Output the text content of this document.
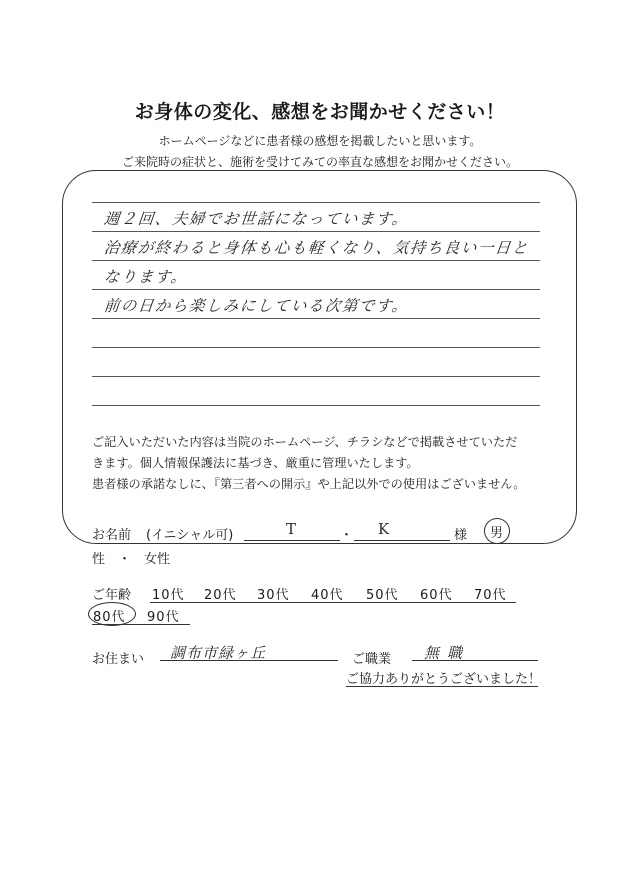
お身体の変化、感想をお聞かせください！
ホームページなどに患者様の感想を掲載したいと思います。
ご来院時の症状と、施術を受けてみての率直な感想をお聞かせください。
週２回、夫婦でお世話になっています。
治療が終わると身体も心も軽くなり、気持ち良い一日と
なります。
前の日から楽しみにしている次第です。
ご記入いただいた内容は当院のホームページ、チラシなどで掲載させていただ
きます。個人情報保護法に基づき、厳重に管理いたします。
患者様の承諾なしに、『第三者への開示』や上記以外での使用はございません。
お名前 (イニシャル可)	T	・ K	様 男
性　・　女性
ご年齢 10代 20代 30代 40代 50代 60代 70代
80代 90代
お住まい 調布市緑ヶ丘	ご職業 無職
ご協力ありがとうございました！
